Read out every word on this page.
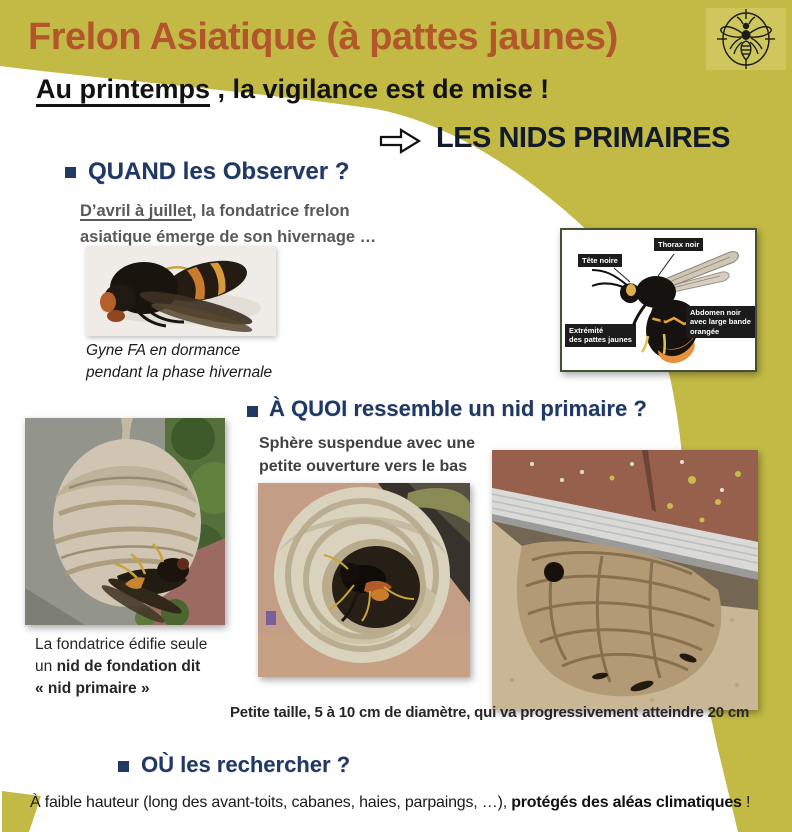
Frelon Asiatique (à pattes jaunes)
Au printemps , la vigilance est de mise !
LES NIDS PRIMAIRES
QUAND les Observer ?
D’avril à juillet, la fondatrice frelon
asiatique émerge de son hivernage …
Gyne FA en dormance
pendant la phase hivernale
Tête noire
Thorax noir
Extrémité
des pattes jaunes
Abdomen noir
avec large bande
orangée
À QUOI ressemble un nid primaire ?
Sphère suspendue avec une
petite ouverture vers le bas
La fondatrice édifie seule
un nid de fondation dit
« nid primaire »
Petite taille, 5 à 10 cm de diamètre, qui va progressivement atteindre 20 cm
OÙ les rechercher ?
À faible hauteur (long des avant-toits, cabanes, haies, parpaings, …), protégés des aléas climatiques !
